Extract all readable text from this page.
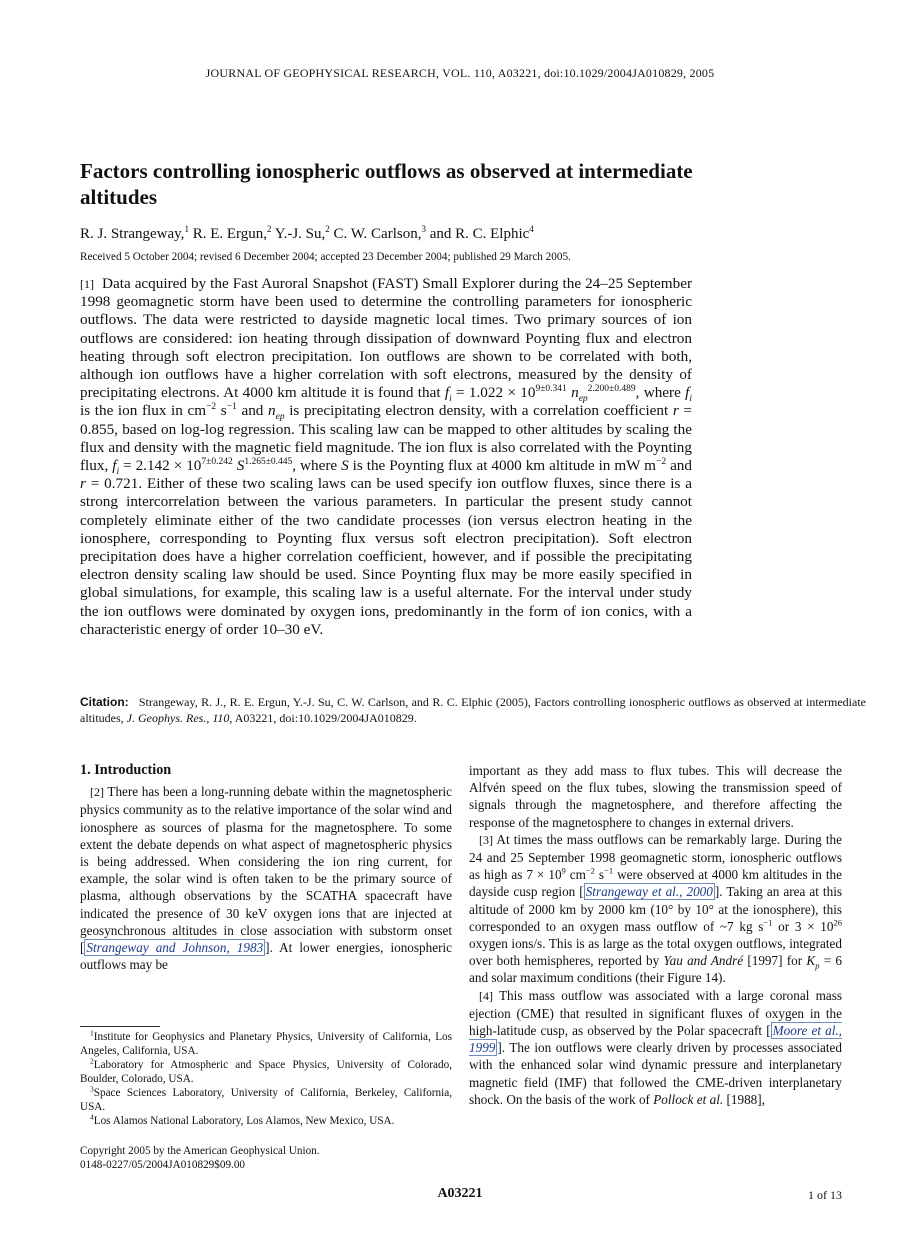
JOURNAL OF GEOPHYSICAL RESEARCH, VOL. 110, A03221, doi:10.1029/2004JA010829, 2005
Factors controlling ionospheric outflows as observed at intermediate altitudes
R. J. Strangeway,$^1$ R. E. Ergun,$^2$ Y.-J. Su,$^2$ C. W. Carlson,$^3$ and R. C. Elphic$^4$
Received 5 October 2004; revised 6 December 2004; accepted 23 December 2004; published 29 March 2005.
[1] Data acquired by the Fast Auroral Snapshot (FAST) Small Explorer during the 24–25 September 1998 geomagnetic storm have been used to determine the controlling parameters for ionospheric outflows. The data were restricted to dayside magnetic local times. Two primary sources of ion outflows are considered: ion heating through dissipation of downward Poynting flux and electron heating through soft electron precipitation. Ion outflows are shown to be correlated with both, although ion outflows have a higher correlation with soft electrons, measured by the density of precipitating electrons. At 4000 km altitude it is found that $f_i = 1.022 \times 10^{9\pm 0.341}$ $n_{ep}^{2.200\pm 0.489}$, where $f_i$ is the ion flux in $cm^{-2}$ $s^{-1}$ and $n_{ep}$ is precipitating electron density, with a correlation coefficient r = 0.855, based on log-log regression. This scaling law can be mapped to other altitudes by scaling the flux and density with the magnetic field magnitude. The ion flux is also correlated with the Poynting flux, $f_i = 2.142 \times 10^{7\pm 0.242}$ $S^{1.265\pm 0.445}$, where S is the Poynting flux at 4000 km altitude in mW $m^{-2}$ and r = 0.721. Either of these two scaling laws can be used specify ion outflow fluxes, since there is a strong intercorrelation between the various parameters. In particular the present study cannot completely eliminate either of the two candidate processes (ion versus electron heating in the ionosphere, corresponding to Poynting flux versus soft electron precipitation). Soft electron precipitation does have a higher correlation coefficient, however, and if possible the precipitating electron density scaling law should be used. Since Poynting flux may be more easily specified in global simulations, for example, this scaling law is a useful alternate. For the interval under study the ion outflows were dominated by oxygen ions, predominantly in the form of ion conics, with a characteristic energy of order 10–30 eV.
Citation: Strangeway, R. J., R. E. Ergun, Y.-J. Su, C. W. Carlson, and R. C. Elphic (2005), Factors controlling ionospheric outflows as observed at intermediate altitudes, J. Geophys. Res., 110, A03221, doi:10.1029/2004JA010829.
1. Introduction

[2] There has been a long-running debate within the magnetospheric physics community as to the relative importance of the solar wind and ionosphere as sources of plasma for the magnetosphere. To some extent the debate depends on what aspect of magnetospheric physics is being addressed. When considering the ion ring current, for example, the solar wind is often taken to be the primary source of plasma, although observations by the SCATHA spacecraft have indicated the presence of 30 keV oxygen ions that are injected at geosynchronous altitudes in close association with substorm onset [ Strangeway and Johnson, 1983 ]. At lower energies, ionospheric outflows may be

important as they add mass to flux tubes. This will decrease the Alfvén speed on the flux tubes, slowing the transmission speed of signals through the magnetosphere, and therefore affecting the response of the magnetosphere to changes in external drivers.

[3] At times the mass outflows can be remarkably large. During the 24 and 25 September 1998 geomagnetic storm, ionospheric outflows as high as $7 \times 10^9$ $cm^{-2}$ $s^{-1}$ were observed at 4000 km altitudes in the dayside cusp region [ Strangeway et al., 2000 ]. Taking an area at this altitude of 2000 km by 2000 km (10° by 10° at the ionosphere), this corresponded to an oxygen mass outflow of ~7 kg $s^{-1}$ or $3 \times 10^{26}$ oxygen ions/s. This is as large as the total oxygen outflows, integrated over both hemispheres, reported by Yau and André [1997] for $K_p = 6$ and solar maximum conditions (their Figure 14).

[4] This mass outflow was associated with a large coronal mass ejection (CME) that resulted in significant fluxes of oxygen in the high-latitude cusp, as observed by the Polar spacecraft [ Moore et al., 1999 ]. The ion outflows were clearly driven by processes associated with the enhanced solar wind dynamic pressure and interplanetary magnetic field (IMF) that followed the CME-driven interplanetary shock. On the basis of the work of Pollock et al. [1988],

$^1$Institute for Geophysics and Planetary Physics, University of California, Los Angeles, California, USA.

$^2$Laboratory for Atmospheric and Space Physics, University of Colorado, Boulder, Colorado, USA.

$^3$Space Sciences Laboratory, University of California, Berkeley, California, USA.

$^4$Los Alamos National Laboratory, Los Alamos, New Mexico, USA.

Copyright 2005 by the American Geophysical Union.
0148-0227/05/2004JA010829$09.00
A03221	1 of 13
